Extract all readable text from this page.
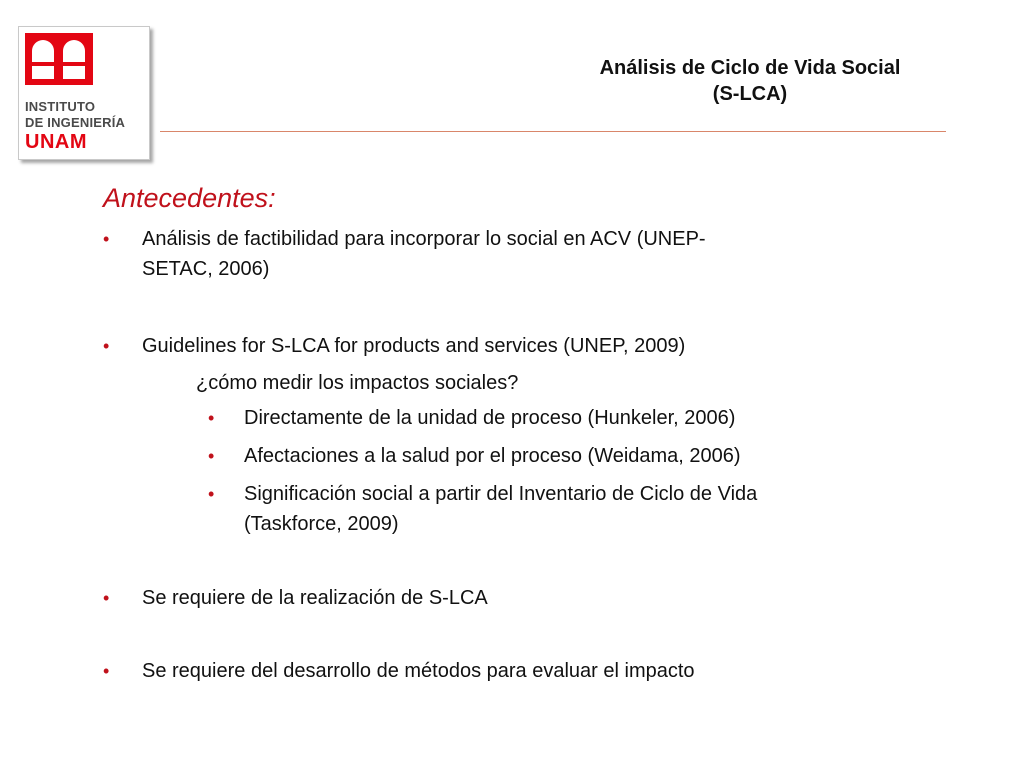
INSTITUTO
DE INGENIERÍA
UNAM
Análisis de Ciclo de Vida Social
(S-LCA)
Antecedentes:
• Análisis de factibilidad para incorporar lo social en ACV (UNEP-
SETAC, 2006)
• Guidelines for S-LCA for products and services (UNEP, 2009)
¿cómo medir los impactos sociales?
• Directamente de la unidad de proceso (Hunkeler, 2006)
• Afectaciones a la salud por el proceso (Weidama, 2006)
• Significación social a partir del Inventario de Ciclo de Vida
(Taskforce, 2009)
• Se requiere de la realización de S-LCA
• Se requiere del desarrollo de métodos para evaluar el impacto
